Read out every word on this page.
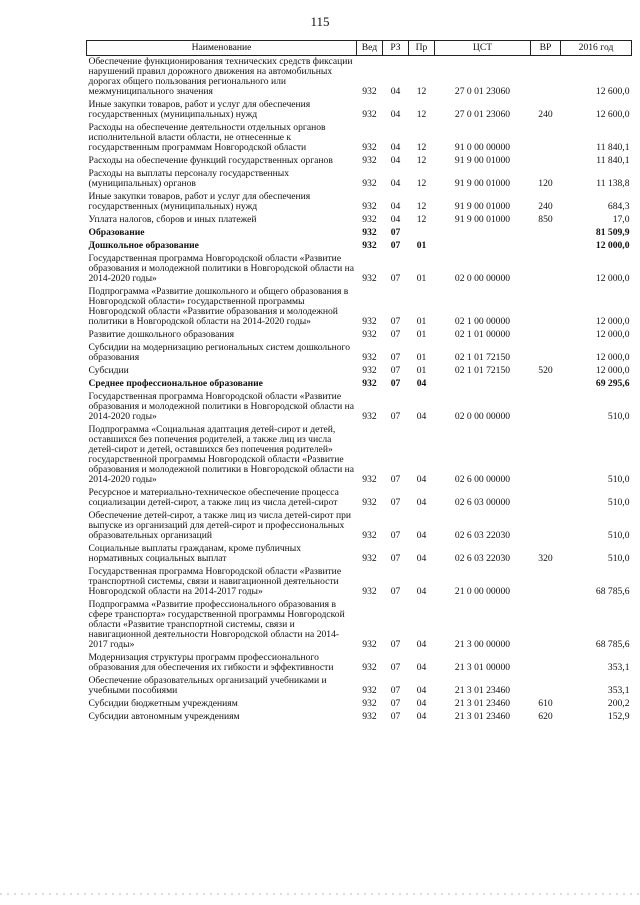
115
Наименование	Вед	РЗ	Пр	ЦСТ	ВР	2016 год
Обеспечение функционирования технических средств фиксации нарушений правил дорожного движения на автомобильных дорогах общего пользования регионального или межмуниципального значения	932	04	12	27 0 01 23060		12 600,0
Иные закупки товаров, работ и услуг для обеспечения государственных (муниципальных) нужд	932	04	12	27 0 01 23060	240	12 600,0
Расходы на обеспечение деятельности отдельных органов исполнительной власти области, не отнесенные к государственным программам Новгородской области	932	04	12	91 0 00 00000		11 840,1
Расходы на обеспечение функций государственных органов	932	04	12	91 9 00 01000		11 840,1
Расходы на выплаты персоналу государственных (муниципальных) органов	932	04	12	91 9 00 01000	120	11 138,8
Иные закупки товаров, работ и услуг для обеспечения государственных (муниципальных) нужд	932	04	12	91 9 00 01000	240	684,3
Уплата налогов, сборов и иных платежей	932	04	12	91 9 00 01000	850	17,0
Образование	932	07				81 509,9
Дошкольное образование	932	07	01			12 000,0
Государственная программа Новгородской области «Развитие образования и молодежной политики в Новгородской области на 2014-2020 годы»	932	07	01	02 0 00 00000		12 000,0
Подпрограмма «Развитие дошкольного и общего образования в Новгородской области» государственной программы Новгородской области «Развитие образования и молодежной политики в Новгородской области на 2014-2020 годы»	932	07	01	02 1 00 00000		12 000,0
Развитие дошкольного образования	932	07	01	02 1 01 00000		12 000,0
Субсидии на модернизацию региональных систем дошкольного образования	932	07	01	02 1 01 72150		12 000,0
Субсидии	932	07	01	02 1 01 72150	520	12 000,0
Среднее профессиональное образование	932	07	04			69 295,6
Государственная программа Новгородской области «Развитие образования и молодежной политики в Новгородской области на 2014-2020 годы»	932	07	04	02 0 00 00000		510,0
Подпрограмма «Социальная адаптация детей-сирот и детей, оставшихся без попечения родителей, а также лиц из числа детей-сирот и детей, оставшихся без попечения родителей» государственной программы Новгородской области «Развитие образования и молодежной политики в Новгородской области на 2014-2020 годы»	932	07	04	02 6 00 00000		510,0
Ресурсное и материально-техническое обеспечение процесса социализации детей-сирот, а также лиц из числа детей-сирот	932	07	04	02 6 03 00000		510,0
Обеспечение детей-сирот, а также лиц из числа детей-сирот при выпуске из организаций для детей-сирот и профессиональных образовательных организаций	932	07	04	02 6 03 22030		510,0
Социальные выплаты гражданам, кроме публичных нормативных социальных выплат	932	07	04	02 6 03 22030	320	510,0
Государственная программа Новгородской области «Развитие транспортной системы, связи и навигационной деятельности Новгородской области на 2014-2017 годы»	932	07	04	21 0 00 00000		68 785,6
Подпрограмма «Развитие профессионального образования в сфере транспорта» государственной программы Новгородской области «Развитие транспортной системы, связи и навигационной деятельности Новгородской области на 2014-2017 годы»	932	07	04	21 3 00 00000		68 785,6
Модернизация структуры программ профессионального образования для обеспечения их гибкости и эффективности	932	07	04	21 3 01 00000		353,1
Обеспечение образовательных организаций учебниками и учебными пособиями	932	07	04	21 3 01 23460		353,1
Субсидии бюджетным учреждениям	932	07	04	21 3 01 23460	610	200,2
Субсидии автономным учреждениям	932	07	04	21 3 01 23460	620	152,9
